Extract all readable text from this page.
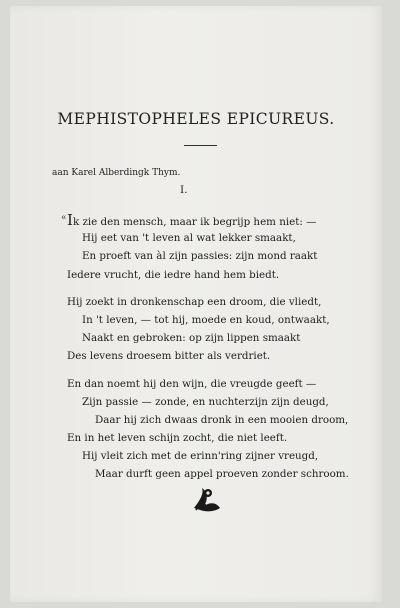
MEPHISTOPHELES EPICUREUS.
aan Karel Alberdingk Thym.
I.
« Ik zie den mensch, maar ik begrijp hem niet: —
Hij eet van 't leven al wat lekker smaakt,
En proeft van àl zijn passies: zijn mond raakt
Iedere vrucht, die iedre hand hem biedt.
Hij zoekt in dronkenschap een droom, die vliedt,
In 't leven, — tot hij, moede en koud, ontwaakt,
Naakt en gebroken: op zijn lippen smaakt
Des levens droesem bitter als verdriet.
En dan noemt hij den wijn, die vreugde geeft —
Zijn passie — zonde, en nuchterzijn zijn deugd,
Daar hij zich dwaas dronk in een mooien droom,
En in het leven schijn zocht, die niet leeft.
Hij vleit zich met de erinn'ring zijner vreugd,
Maar durft geen appel proeven zonder schroom.
